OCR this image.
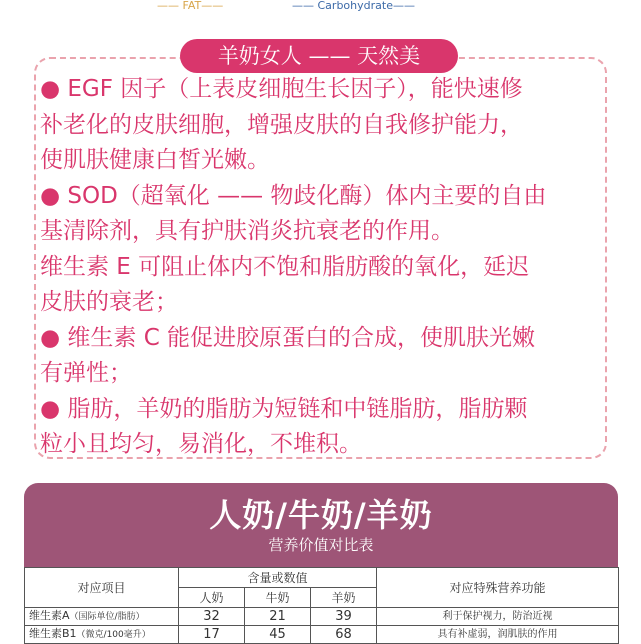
—— FAT——	—— Carbohydrate——
羊奶女人 —— 天然美
● EGF 因子（上表皮细胞生长因子），能快速修
补老化的皮肤细胞，增强皮肤的自我修护能力，
使肌肤健康白皙光嫩。
● SOD（超氧化 —— 物歧化酶）体内主要的自由
基清除剂，具有护肤消炎抗衰老的作用。
维生素 E 可阻止体内不饱和脂肪酸的氧化，延迟
皮肤的衰老；
● 维生素 C 能促进胶原蛋白的合成，使肌肤光嫩
有弹性；
● 脂肪，羊奶的脂肪为短链和中链脂肪，脂肪颗
粒小且均匀，易消化，不堆积。
人奶/牛奶/羊奶
营养价值对比表
对应项目	含量或数值			对应特殊营养功能
	人奶	牛奶	羊奶	
维生素A（国际单位/脂肪）	32	21	39	利于保护视力，防治近视
维生素B1（微克/100毫升）	17	45	68	具有补虚弱，润肌肤的作用
